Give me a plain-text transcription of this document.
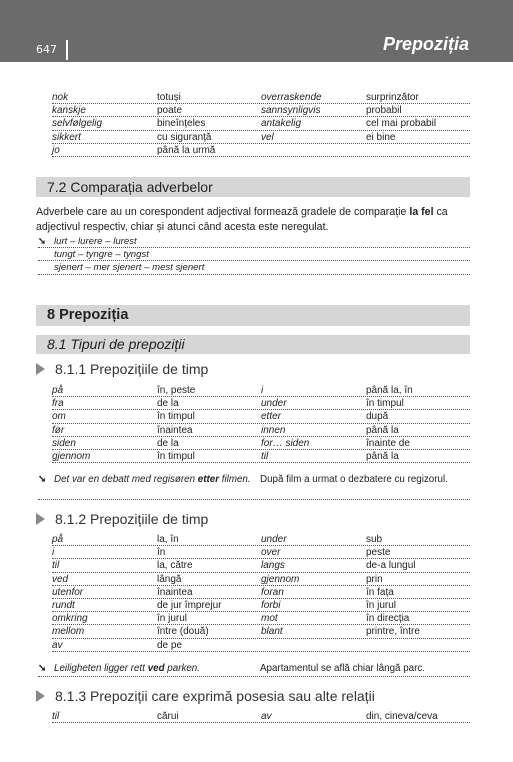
647	Prepoziția
nok	totuși	overraskende	surprinzător
kanskje	poate	sannsynligvis	probabil
selvfølgelig	bineînțeles	antakelig	cel mai probabil
sikkert	cu siguranță	vel	ei bine
jo	până la urmă
7.2 Comparația adverbelor
Adverbele care au un corespondent adjectival formează gradele de comparație la fel ca adjectivul respectiv, chiar și atunci când acesta este neregulat.
➘ lurt – lurere – lurest
tungt – tyngre – tyngst
sjenert – mer sjenert – mest sjenert
8 Prepoziția
8.1 Tipuri de prepoziții
8.1.1 Prepozițiile de timp
på	în, peste	i	până la, în
fra	de la	under	în timpul
om	în timpul	etter	după
før	înaintea	innen	până la
siden	de la	for… siden	înainte de
gjennom	în timpul	til	până la
➘ Det var en debatt med regisøren etter filmen. După film a urmat o dezbatere cu regizorul.
8.1.2 Prepozițiile de timp
på	la, în	under	sub
i	în	over	peste
til	la, către	langs	de-a lungul
ved	lângă	gjennom	prin
utenfor	înaintea	foran	în fața
rundt	de jur împrejur	forbi	în jurul
omkring	în jurul	mot	în direcția
mellom	între (două)	blant	printre, între
av	de pe
➘ Leiligheten ligger rett ved parken.	Apartamentul se află chiar lângă parc.
8.1.3 Prepoziții care exprimă posesia sau alte relații
til	cărui	av	din, cineva/ceva
